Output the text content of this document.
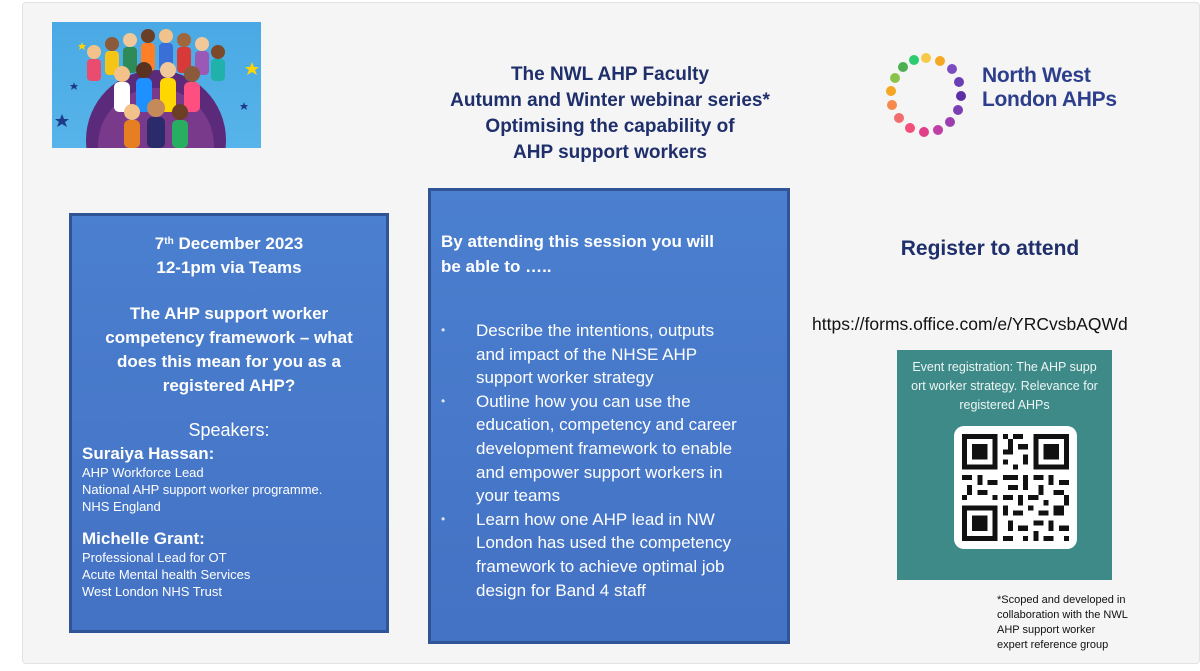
The NWL AHP Faculty
Autumn and Winter webinar series*
Optimising the capability of
AHP support workers
North West
London AHPs
7th December 2023
12-1pm via Teams
The AHP support worker
competency framework – what
does this mean for you as a
registered AHP?
Speakers:
Suraiya Hassan:
AHP Workforce Lead
National AHP support worker programme.
NHS England
Michelle Grant:
Professional Lead for OT
Acute Mental health Services
West London NHS Trust
By attending this session you will
be able to …..
• Describe the intentions, outputs
and impact of the NHSE AHP
support worker strategy
• Outline how you can use the
education, competency and career
development framework to enable
and empower support workers in
your teams
• Learn how one AHP lead in NW
London has used the competency
framework to achieve optimal job
design for Band 4 staff
Register to attend
https://forms.office.com/e/YRCvsbAQWd
Event registration: The AHP supp
ort worker strategy. Relevance for
registered AHPs
*Scoped and developed in
collaboration with the NWL
AHP support worker
expert reference group
